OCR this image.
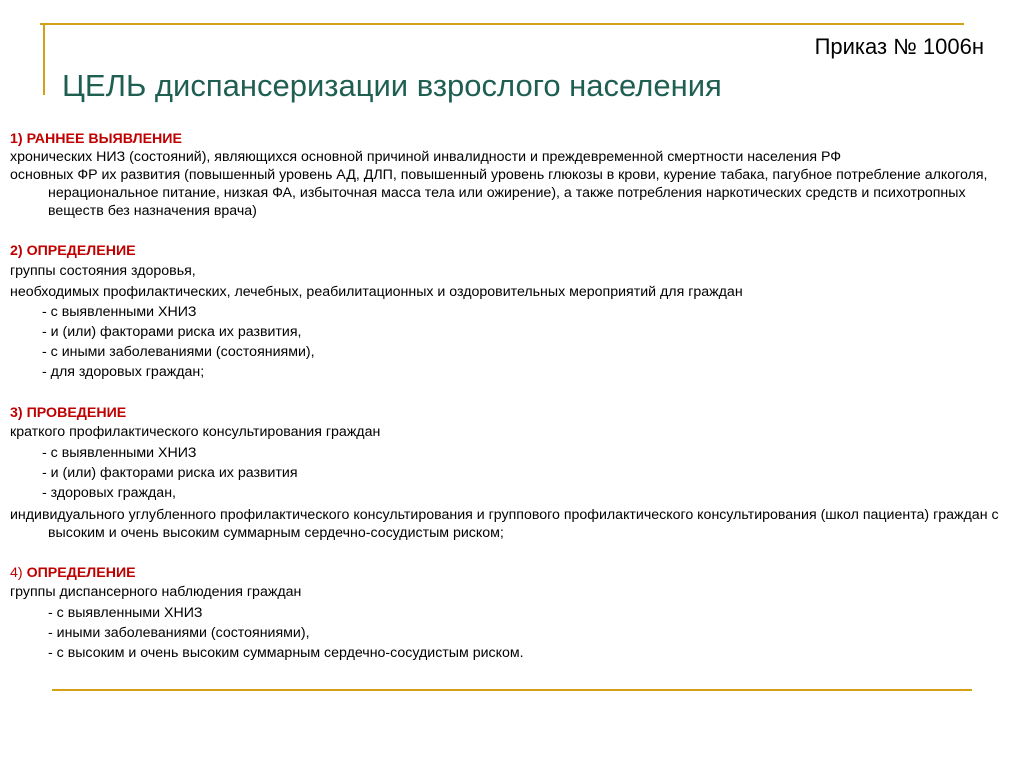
Приказ № 1006н
ЦЕЛЬ диспансеризации взрослого населения
1) РАННЕЕ ВЫЯВЛЕНИЕ
хронических НИЗ (состояний), являющихся основной причиной инвалидности и преждевременной смертности населения РФ
основных ФР их развития (повышенный уровень АД, ДЛП, повышенный уровень глюкозы в крови, курение табака, пагубное потребление алкоголя, нерациональное питание, низкая ФА, избыточная масса тела или ожирение), а также потребления наркотических средств и психотропных веществ без назначения врача)
2) ОПРЕДЕЛЕНИЕ
группы состояния здоровья,
необходимых профилактических, лечебных, реабилитационных и оздоровительных мероприятий для граждан
- с выявленными ХНИЗ
- и (или) факторами риска их развития,
- с иными заболеваниями (состояниями),
- для здоровых граждан;
3) ПРОВЕДЕНИЕ
краткого профилактического консультирования граждан
- с выявленными ХНИЗ
- и (или) факторами риска их развития
- здоровых граждан,
индивидуального углубленного профилактического консультирования и группового профилактического консультирования (школ пациента) граждан с высоким и очень высоким суммарным сердечно-сосудистым риском;
4) ОПРЕДЕЛЕНИЕ
группы диспансерного наблюдения граждан
- с выявленными ХНИЗ
- иными заболеваниями (состояниями),
- с высоким и очень высоким суммарным сердечно-сосудистым риском.
